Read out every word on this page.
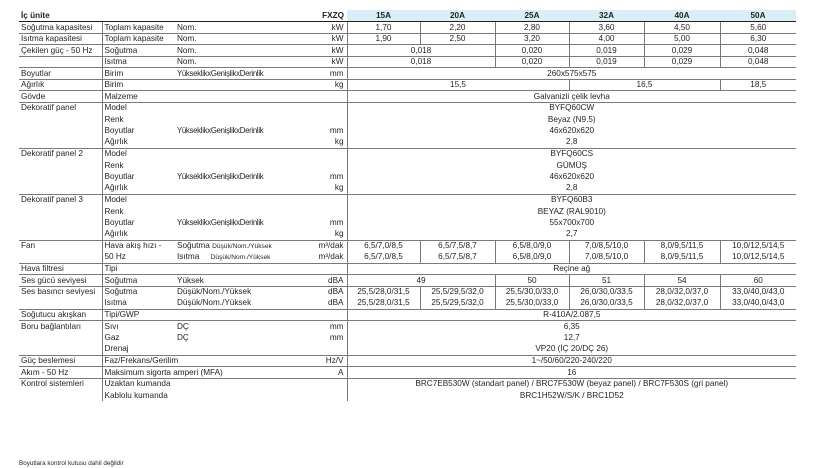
İç ünite			FXZQ	15A	20A	25A	32A	40A	50A
Soğutma kapasitesi	Toplam kapasite	Nom.	kW	1,70	2,20	2,80	3,60	4,50	5,60
Isıtma kapasitesi	Toplam kapasite	Nom.	kW	1,90	2,50	3,20	4,00	5,00	6,30
Çekilen güç - 50 Hz	Soğutma	Nom.	kW	0,018		0,020	0,019	0,029	0,048
	Isıtma	Nom.	kW	0,018		0,020	0,019	0,029	0,048
Boyutlar	Birim	YükseklikxGenişlikxDerinlik	mm	260x575x575					
Ağırlık	Birim		kg	15,5			16,5		18,5
Gövde	Malzeme			Galvanizli çelik levha					
Dekoratif panel	Model			BYFQ60CW					
	Renk			Beyaz (N9.5)					
	Boyutlar	YükseklikxGenişlikxDerinlik	mm	46x620x620					
	Ağırlık		kg	2,8					
Dekoratif panel 2	Model			BYFQ60CS					
	Renk			GÜMÜŞ					
	Boyutlar	YükseklikxGenişlikxDerinlik	mm	46x620x620					
	Ağırlık		kg	2,8					
Dekoratif panel 3	Model			BYFQ60B3					
	Renk			BEYAZ (RAL9010)					
	Boyutlar	YükseklikxGenişlikxDerinlik	mm	55x700x700					
	Ağırlık		kg	2,7					
Fan	Hava akış hızı -	Soğutma Düşük/Nom./Yüksek	m³/dak	6,5/7,0/8,5	6,5/7,5/8,7	6,5/8,0/9,0	7,0/8,5/10,0	8,0/9,5/11,5	10,0/12,5/14,5
	50 Hz	Isıtma Düşük/Nom./Yüksek	m³/dak	6,5/7,0/8,5	6,5/7,5/8,7	6,5/8,0/9,0	7,0/8,5/10,0	8,0/9,5/11,5	10,0/12,5/14,5
Hava filtresi	Tipi			Reçine ağ					
Ses gücü seviyesi	Soğutma	Yüksek	dBA	49		50	51	54	60
Ses basıncı seviyesi	Soğutma	Düşük/Nom./Yüksek	dBA	25,5/28,0/31,5	25,5/29,5/32,0	25,5/30,0/33,0	26,0/30,0/33,5	28,0/32,0/37,0	33,0/40,0/43,0
	Isıtma	Düşük/Nom./Yüksek	dBA	25,5/28,0/31,5	25,5/29,5/32,0	25,5/30,0/33,0	26,0/30,0/33,5	28,0/32,0/37,0	33,0/40,0/43,0
Soğutucu akışkan	Tipi/GWP			R-410A/2.087,5					
Boru bağlantıları	Sıvı	DÇ	mm	6,35					
	Gaz	DÇ	mm	12,7					
	Drenaj			VP20 (İÇ 20/DÇ 26)					
Güç beslemesi	Faz/Frekans/Gerilim		Hz/V	1~/50/60/220-240/220					
Akım - 50 Hz	Maksimum sigorta amperi (MFA)		A	16					
Kontrol sistemleri	Uzaktan kumanda			BRC7EB530W (standart panel) / BRC7F530W (beyaz panel) / BRC7F530S (gri panel)					
	Kablolu kumanda			BRC1H52W/S/K / BRC1D52					
Boyutlara kontrol kutusu dahil değildir
